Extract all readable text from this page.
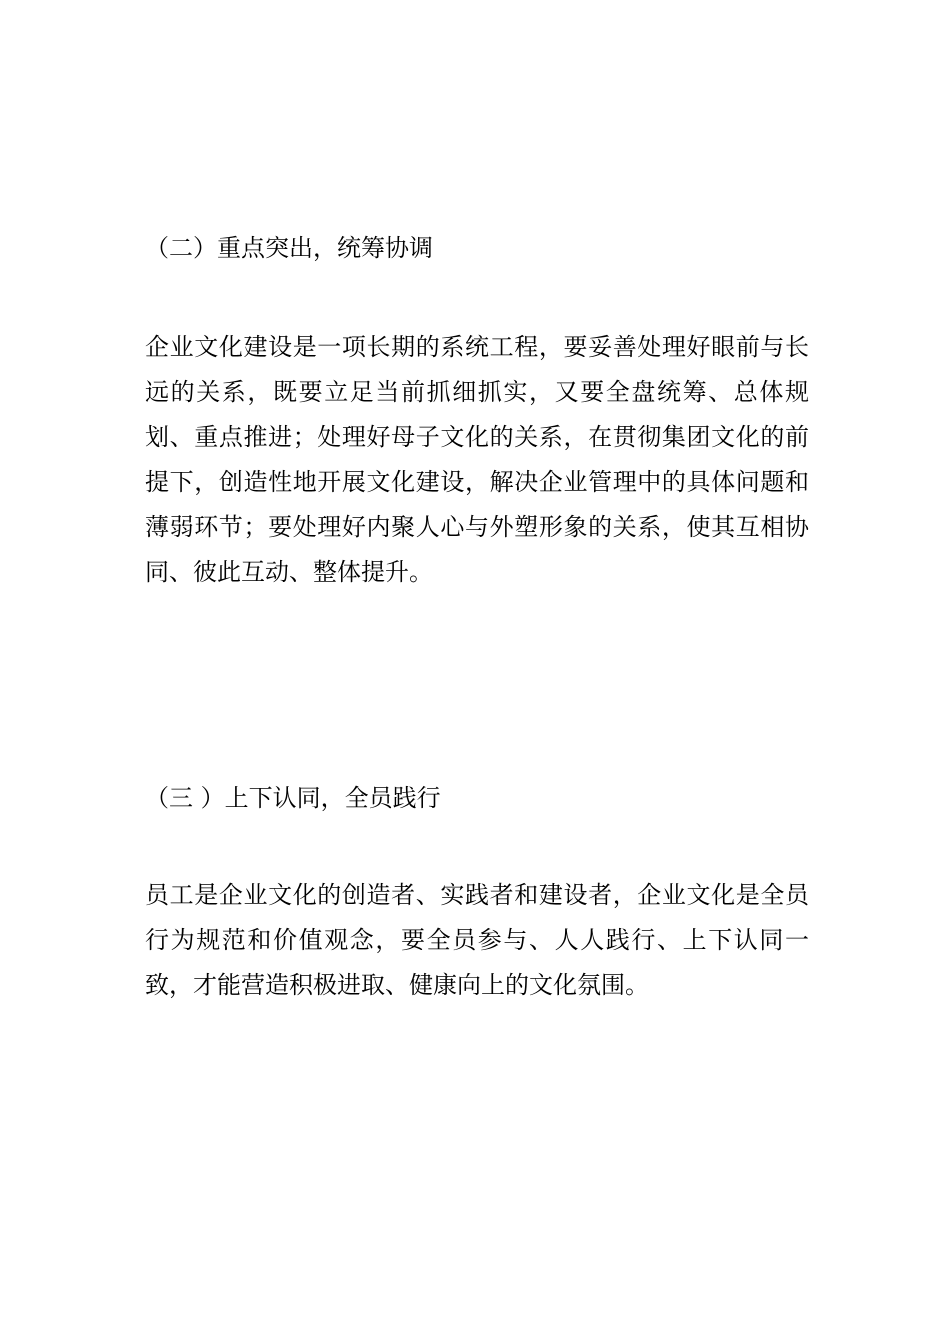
（二）重点突出，统筹协调

企业文化建设是一项长期的系统工程，要妥善处理好眼前与长远的关系，既要立足当前抓细抓实，又要全盘统筹、总体规划、重点推进；处理好母子文化的关系，在贯彻集团文化的前提下，创造性地开展文化建设，解决企业管理中的具体问题和薄弱环节；要处理好内聚人心与外塑形象的关系，使其互相协同、彼此互动、整体提升。

（三 ）上下认同，全员践行

员工是企业文化的创造者、实践者和建设者，企业文化是全员行为规范和价值观念，要全员参与、人人践行、上下认同一致，才能营造积极进取、健康向上的文化氛围。
